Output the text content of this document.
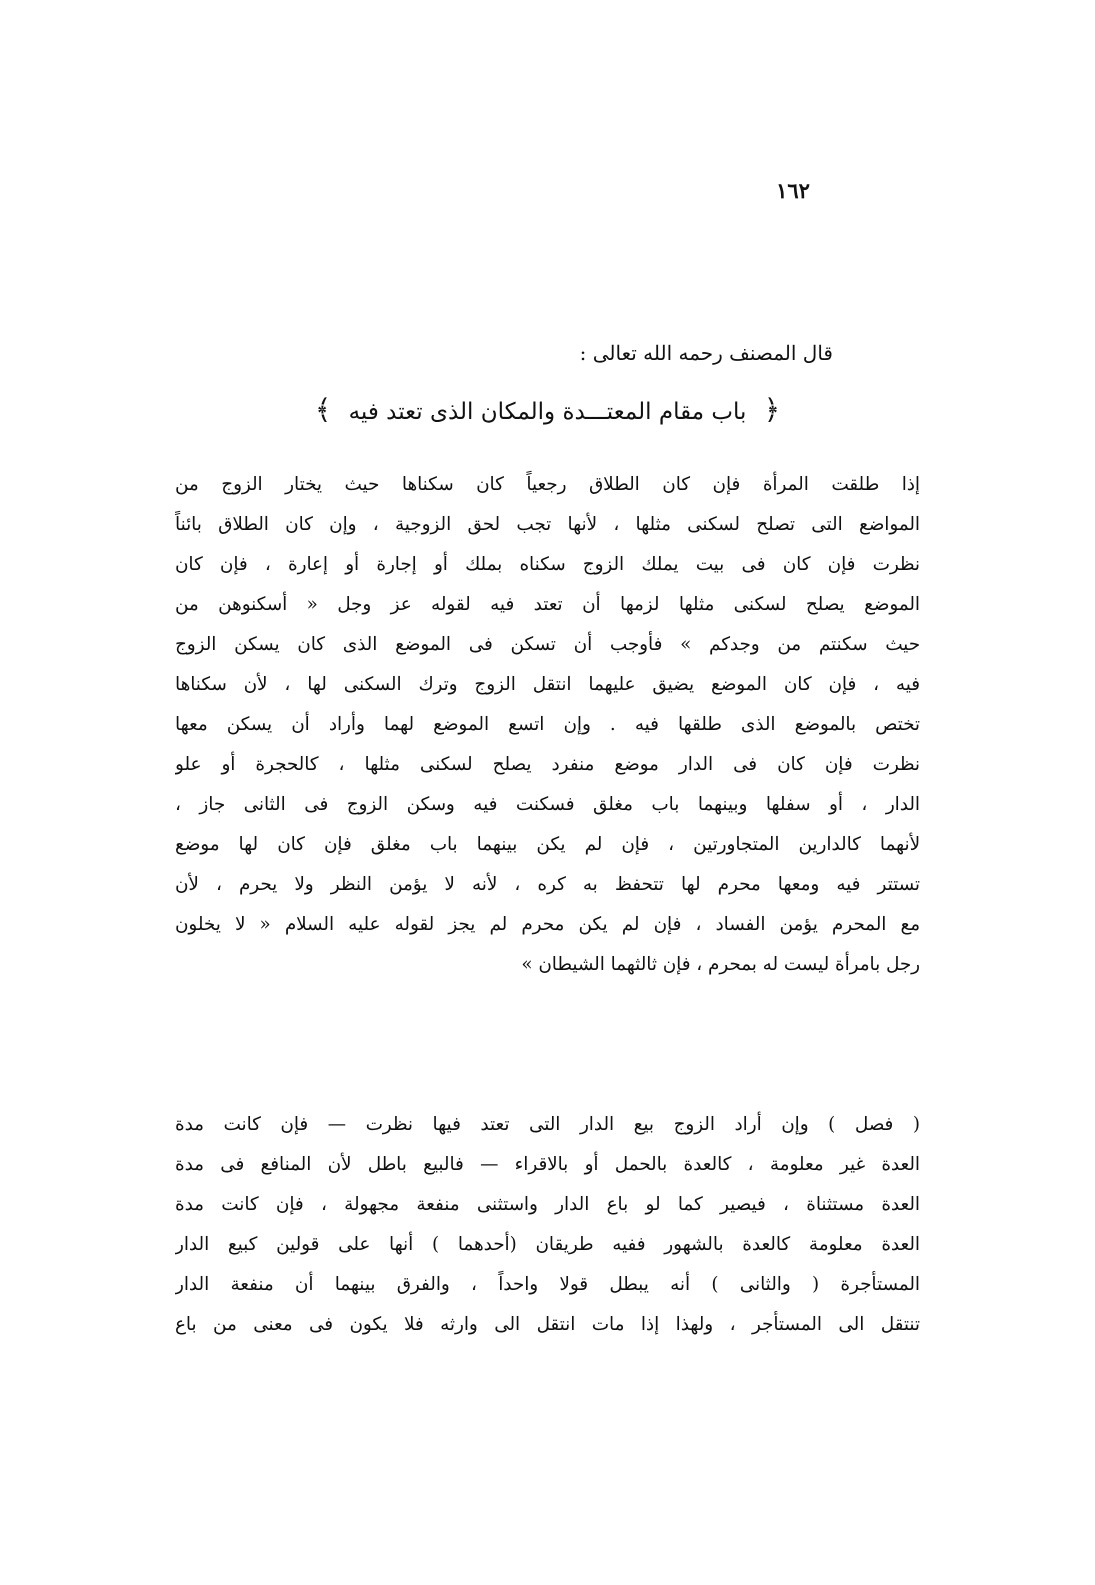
١٦٢
قال المصنف رحمه الله تعالى :
﴿ باب مقام المعتـــدة والمكان الذى تعتد فيه ﴾
إذا طلقت المرأة فإن كان الطلاق رجعياً كان سكناها حيث يختار الزوج من
المواضع التى تصلح لسكنى مثلها ، لأنها تجب لحق الزوجية ، وإن كان الطلاق بائناً
نظرت فإن كان فى بيت يملك الزوج سكناه بملك أو إجارة أو إعارة ، فإن كان
الموضع يصلح لسكنى مثلها لزمها أن تعتد فيه لقوله عز وجل « أسكنوهن من
حيث سكنتم من وجدكم » فأوجب أن تسكن فى الموضع الذى كان يسكن الزوج
فيه ، فإن كان الموضع يضيق عليهما انتقل الزوج وترك السكنى لها ، لأن سكناها
تختص بالموضع الذى طلقها فيه . وإن اتسع الموضع لهما وأراد أن يسكن معها
نظرت فإن كان فى الدار موضع منفرد يصلح لسكنى مثلها ، كالحجرة أو علو
الدار ، أو سفلها وبينهما باب مغلق فسكنت فيه وسكن الزوج فى الثانى جاز ،
لأنهما كالدارين المتجاورتين ، فإن لم يكن بينهما باب مغلق فإن كان لها موضع
تستتر فيه ومعها محرم لها تتحفظ به كره ، لأنه لا يؤمن النظر ولا يحرم ، لأن
مع المحرم يؤمن الفساد ، فإن لم يكن محرم لم يجز لقوله عليه السلام « لا يخلون
رجل بامرأة ليست له بمحرم ، فإن ثالثهما الشيطان »
( فصل ) وإن أراد الزوج بيع الدار التى تعتد فيها نظرت — فإن كانت مدة
العدة غير معلومة ، كالعدة بالحمل أو بالاقراء — فالبيع باطل لأن المنافع فى مدة
العدة مستثناة ، فيصير كما لو باع الدار واستثنى منفعة مجهولة ، فإن كانت مدة
العدة معلومة كالعدة بالشهور ففيه طريقان (أحدهما ) أنها على قولين كبيع الدار
المستأجرة ( والثانى ) أنه يبطل قولا واحداً ، والفرق بينهما أن منفعة الدار
تنتقل الى المستأجر ، ولهذا إذا مات انتقل الى وارثه فلا يكون فى معنى من باع
